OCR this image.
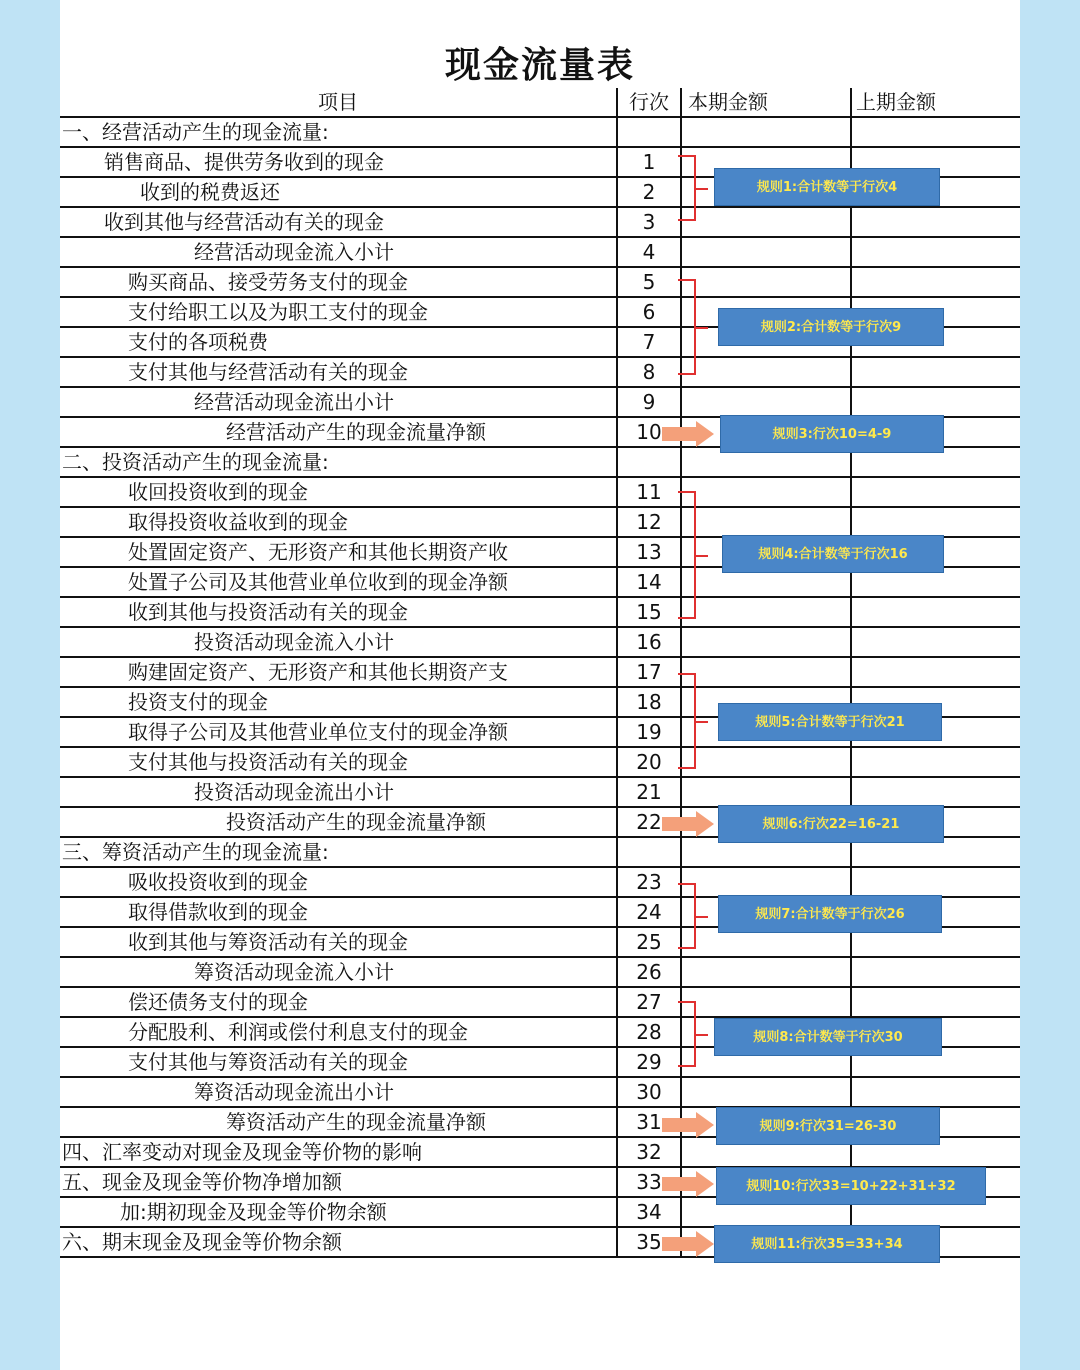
现金流量表
项目	行次 本期金额	上期金额
一、经营活动产生的现金流量:
销售商品、提供劳务收到的现金	1
收到的税费返还	2
收到其他与经营活动有关的现金	3
经营活动现金流入小计	4
购买商品、接受劳务支付的现金	5
支付给职工以及为职工支付的现金	6
支付的各项税费	7
支付其他与经营活动有关的现金	8
经营活动现金流出小计	9
经营活动产生的现金流量净额	10
二、投资活动产生的现金流量:
收回投资收到的现金	11
取得投资收益收到的现金	12
处置固定资产、无形资产和其他长期资产收	13
处置子公司及其他营业单位收到的现金净额	14
收到其他与投资活动有关的现金	15
投资活动现金流入小计	16
购建固定资产、无形资产和其他长期资产支	17
投资支付的现金	18
取得子公司及其他营业单位支付的现金净额	19
支付其他与投资活动有关的现金	20
投资活动现金流出小计	21
投资活动产生的现金流量净额	22
三、筹资活动产生的现金流量:
吸收投资收到的现金	23
取得借款收到的现金	24
收到其他与筹资活动有关的现金	25
筹资活动现金流入小计	26
偿还债务支付的现金	27
分配股利、利润或偿付利息支付的现金	28
支付其他与筹资活动有关的现金	29
筹资活动现金流出小计	30
筹资活动产生的现金流量净额	31
四、汇率变动对现金及现金等价物的影响	32
五、现金及现金等价物净增加额	33
加:期初现金及现金等价物余额	34
六、期末现金及现金等价物余额	35
规则1:合计数等于行次4
规则2:合计数等于行次9
规则3:行次10=4-9
规则4:合计数等于行次16
规则5:合计数等于行次21
规则6:行次22=16-21
规则7:合计数等于行次26
规则8:合计数等于行次30
规则9:行次31=26-30
规则10:行次33=10+22+31+32
规则11:行次35=33+34
